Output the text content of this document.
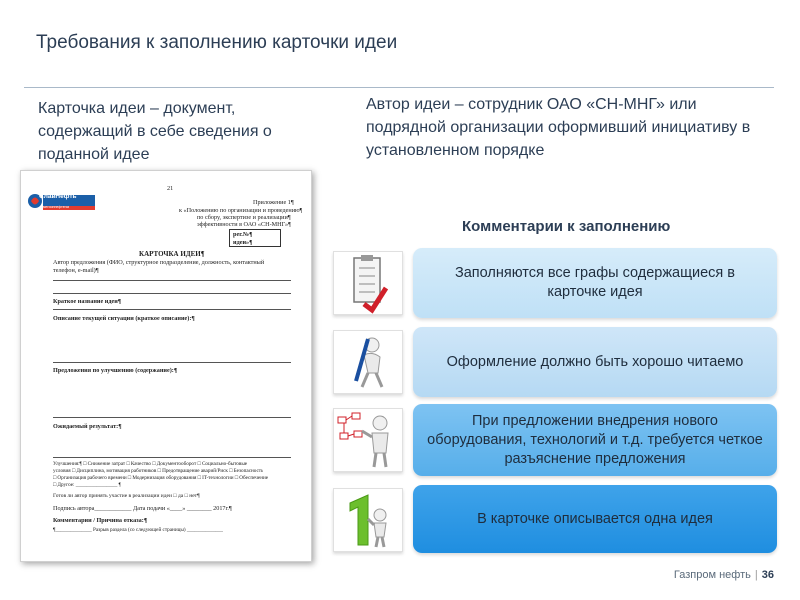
Требования к заполнению карточки идеи
Карточка идеи – документ, содержащий в себе сведения о поданной идее
Автор идеи – сотрудник ОАО «СН-МНГ» или подрядной организации оформивший инициативу в установленном порядке
СлавНефть
мегионнефтегаз
21
Приложение 1¶
к «Положению по организации и проведению¶
по сбору, экспертизе и реализации¶
эффективности в ОАО «СН-МНГ»¶
рег.№¶
идеи»¶
КАРТОЧКА ИДЕИ¶
Автор предложения (ФИО, структурное подразделение, должность, контактный
телефон, e-mail)¶
Краткое название идеи¶
Описание текущей ситуации (краткое описание):¶
Предложения по улучшению (содержание):¶
Ожидаемый результат:¶
Улучшения:¶ □ Снижение затрат □ Качество □ Документооборот □ Социально-бытовые
условия □ Дисциплина, мотивация работников □ Предотвращение аварий/Риск □ Безопасность
□ Организация рабочего времени □ Модернизация оборудования □ IT-технологии □ Обеспечение
□ Другое: ________________ ¶
Готов ли автор принять участие в реализации идеи □ да □ нет¶
Подпись автора____________ Дата подачи «____» ________ 2017г.¶
Комментарии / Причина отказа:¶
¶______________ Разрыв раздела (со следующей страницы) ______________
Комментарии к заполнению
Заполняются все графы содержащиеся в карточке идея
Оформление должно быть хорошо читаемо
При предложении внедрения нового оборудования, технологий и т.д. требуется четкое разъяснение предложения
В карточке описывается одна идея
Газпром нефть | 36
